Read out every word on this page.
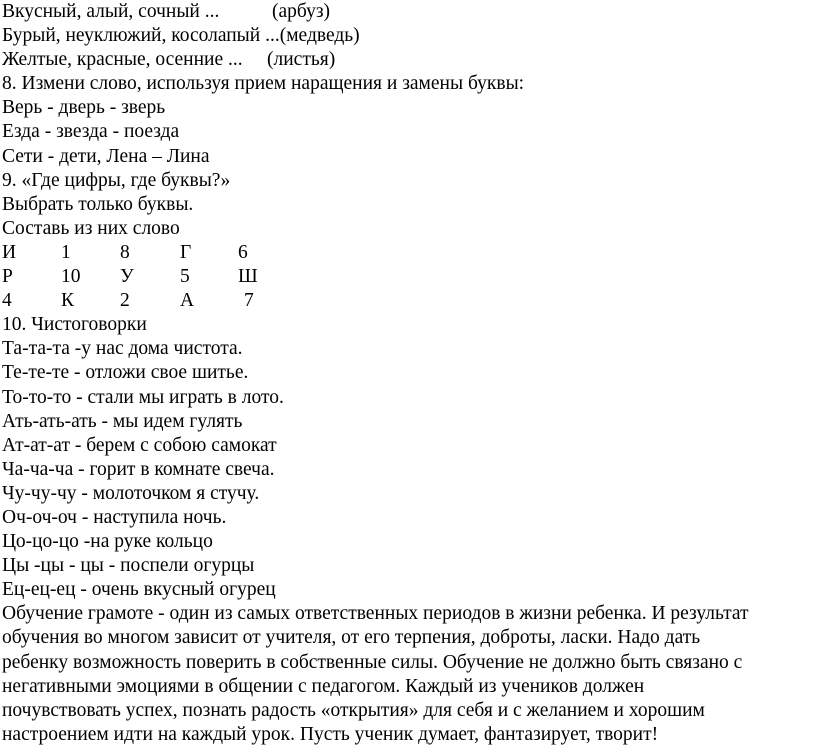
Вкусный, алый, сочный ...	(арбуз)
Бурый, неуклюжий, косолапый ...(медведь)
Желтые, красные, осенние ... (листья)
8. Измени слово, используя прием наращения и замены буквы:
Верь - дверь - зверь
Езда - звезда - поезда
Сети - дети, Лена – Лина
9. «Где цифры, где буквы?»
Выбрать только буквы.
Составь из них слово
И	1	8	Г	6
Р	10	У	5	Ш
4	К	2	А	7
10. Чистоговорки
Та-та-та -у нас дома чистота.
Те-те-те - отложи свое шитье.
То-то-то - стали мы играть в лото.
Ать-ать-ать - мы идем гулять
Ат-ат-ат - берем с собою самокат
Ча-ча-ча - горит в комнате свеча.
Чу-чу-чу - молоточком я стучу.
Оч-оч-оч - наступила ночь.
Цо-цо-цо -на руке кольцо
Цы -цы - цы - поспели огурцы
Ец-ец-ец - очень вкусный огурец
Обучение грамоте - один из самых ответственных периодов в жизни ребенка. И результат
обучения во многом зависит от учителя, от его терпения, доброты, ласки. Надо дать
ребенку возможность поверить в собственные силы. Обучение не должно быть связано с
негативными эмоциями в общении с педагогом. Каждый из учеников должен
почувствовать успех, познать радость «открытия» для себя и с желанием и хорошим
настроением идти на каждый урок. Пусть ученик думает, фантазирует, творит!
